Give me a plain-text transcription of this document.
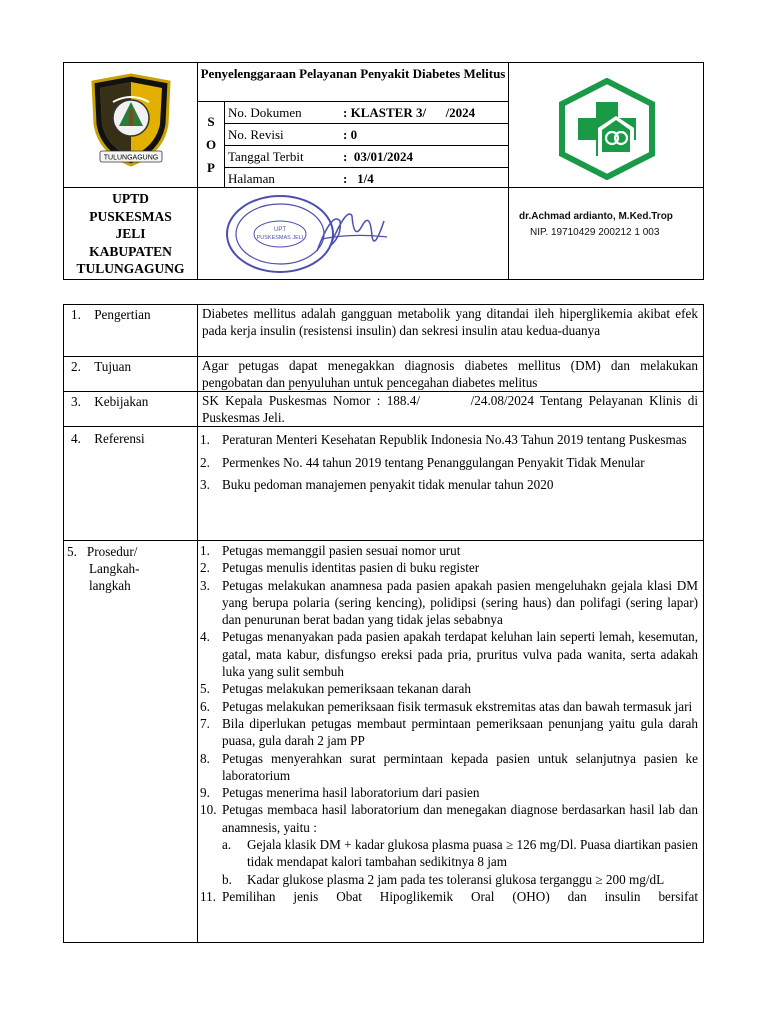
TULUNGAGUNG
Penyelenggaraan Pelayanan Penyakit Diabetes Melitus
S
O
P
No. Dokumen	: KLASTER 3/      /2024
No. Revisi	: 0
Tanggal Terbit	:  03/01/2024
Halaman	:   1/4
UPTD
PUSKESMAS
JELI
KABUPATEN
TULUNGAGUNG
UPT
PUSKESMAS JELI
dr.Achmad ardianto, M.Ked.Trop
NIP. 19710429 200212 1 003
1. Pengertian	Diabetes mellitus adalah gangguan metabolik yang ditandai ileh hiperglikemia akibat efek pada kerja insulin (resistensi insulin) dan sekresi insulin atau kedua-duanya
2. Tujuan	Agar petugas dapat menegakkan diagnosis diabetes mellitus (DM) dan melakukan pengobatan dan penyuluhan untuk pencegahan diabetes melitus
3. Kebijakan	SK Kepala Puskesmas Nomor : 188.4/        /24.08/2024 Tentang Pelayanan Klinis di Puskesmas Jeli.
4. Referensi	1. Peraturan Menteri Kesehatan Republik Indonesia No.43 Tahun 2019 tentang Puskesmas
2. Permenkes No. 44 tahun 2019 tentang Penanggulangan Penyakit Tidak Menular
3. Buku pedoman manajemen penyakit tidak menular tahun 2020
5. Prosedur/
Langkah-
langkah
1. Petugas memanggil pasien sesuai nomor urut
2. Petugas menulis identitas pasien di buku register
3. Petugas melakukan anamnesa pada pasien apakah pasien mengeluhakn gejala klasi DM yang berupa polaria (sering kencing), polidipsi (sering haus) dan polifagi (sering lapar) dan penurunan berat badan yang tidak jelas sebabnya
4. Petugas menanyakan pada pasien apakah terdapat keluhan lain seperti lemah, kesemutan, gatal, mata kabur, disfungso ereksi pada pria, pruritus vulva pada wanita, serta adakah luka yang sulit sembuh
5. Petugas melakukan pemeriksaan tekanan darah
6. Petugas melakukan pemeriksaan fisik termasuk ekstremitas atas dan bawah termasuk jari
7. Bila diperlukan petugas membaut permintaan pemeriksaan penunjang yaitu gula darah puasa, gula darah 2 jam PP
8. Petugas menyerahkan surat permintaan kepada pasien untuk selanjutnya pasien ke laboratorium
9. Petugas menerima hasil laboratorium dari pasien
10. Petugas membaca hasil laboratorium dan menegakan diagnose berdasarkan hasil lab dan anamnesis, yaitu :
a. Gejala klasik DM + kadar glukosa plasma puasa ≥ 126 mg/Dl. Puasa diartikan pasien tidak mendapat kalori tambahan sedikitnya 8 jam
b. Kadar glukose plasma 2 jam pada tes toleransi glukosa terganggu ≥ 200 mg/dL
11. Pemilihan jenis Obat Hipoglikemik Oral (OHO) dan insulin bersifat
